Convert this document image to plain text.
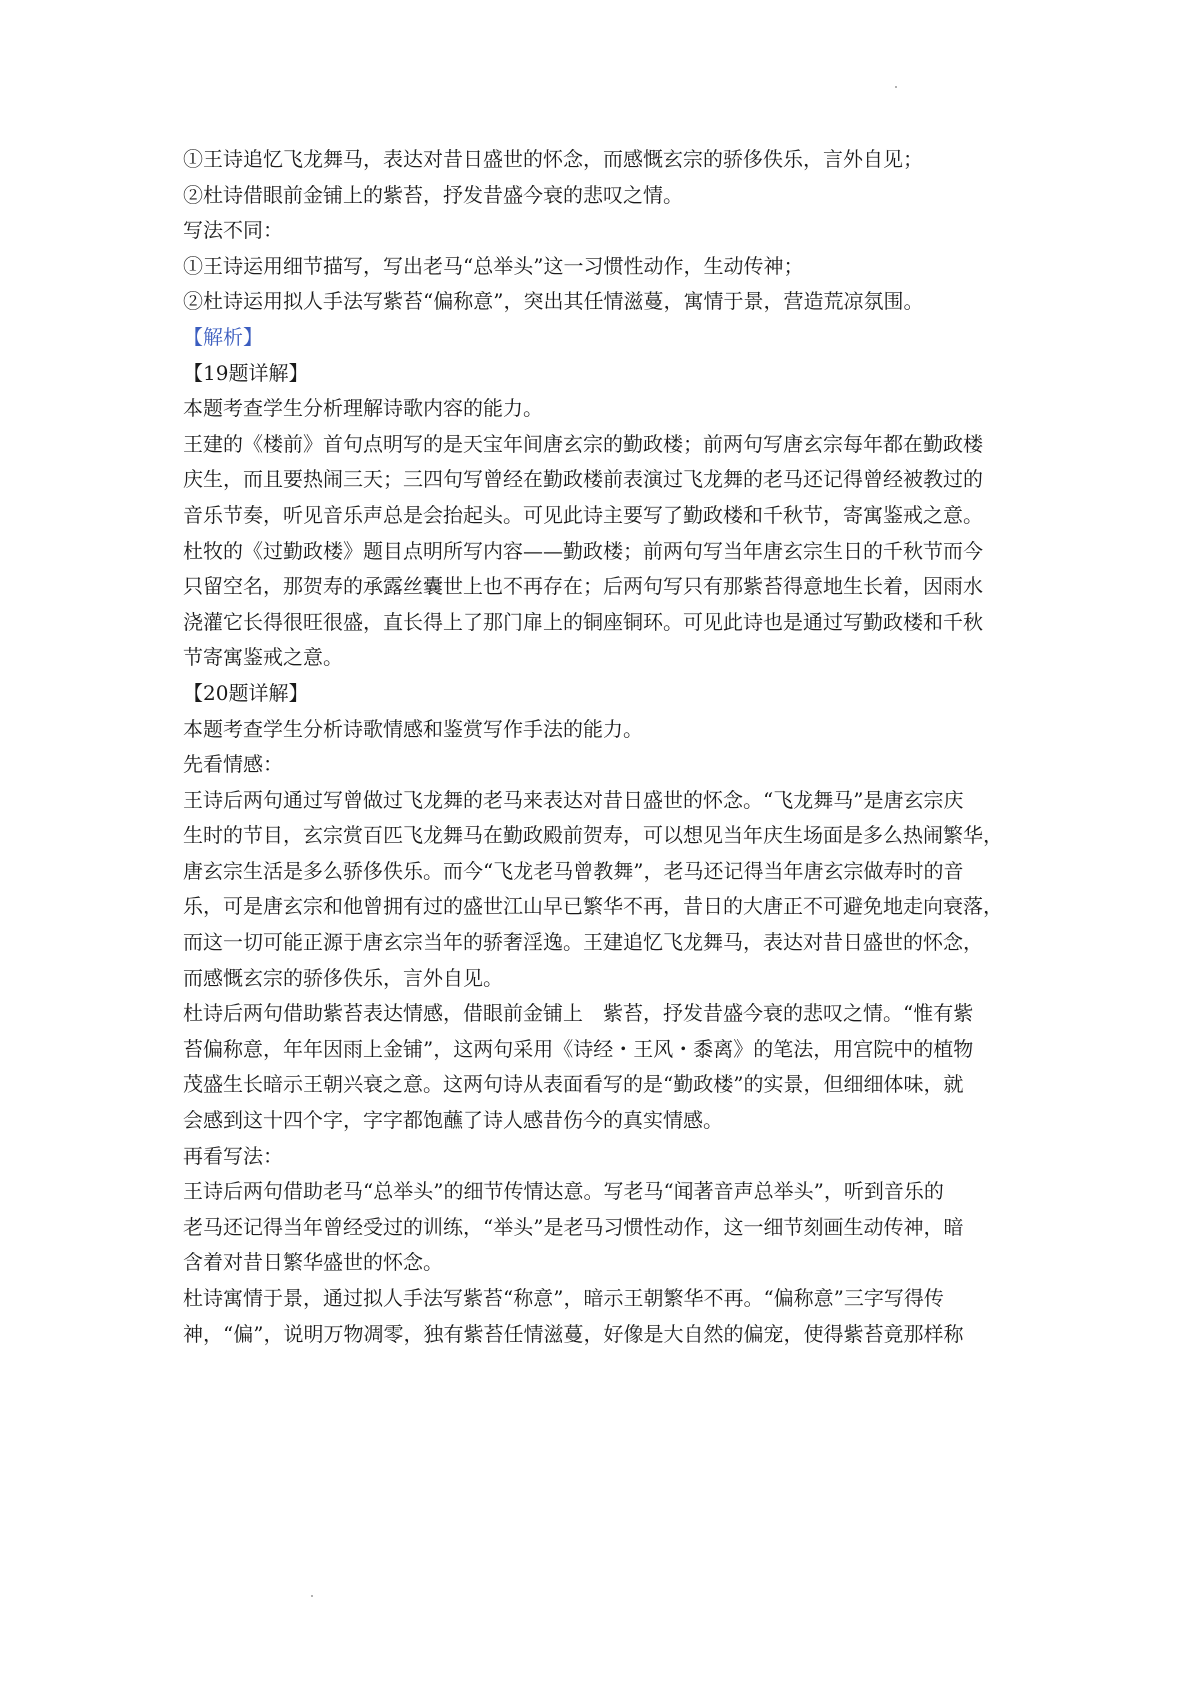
①王诗追忆飞龙舞马，表达对昔日盛世的怀念，而感慨玄宗的骄侈佚乐，言外自见；

②杜诗借眼前金铺上的紫苔，抒发昔盛今衰的悲叹之情。

写法不同：

①王诗运用细节描写，写出老马“总举头”这一习惯性动作，生动传神；

②杜诗运用拟人手法写紫苔“偏称意”，突出其任情滋蔓，寓情于景，营造荒凉氛围。

【解析】

【19题详解】

本题考查学生分析理解诗歌内容的能力。

王建的《楼前》首句点明写的是天宝年间唐玄宗的勤政楼；前两句写唐玄宗每年都在勤政楼

庆生，而且要热闹三天；三四句写曾经在勤政楼前表演过飞龙舞的老马还记得曾经被教过的

音乐节奏，听见音乐声总是会抬起头。可见此诗主要写了勤政楼和千秋节，寄寓鉴戒之意。

杜牧的《过勤政楼》题目点明所写内容——勤政楼；前两句写当年唐玄宗生日的千秋节而今

只留空名，那贺寿的承露丝囊世上也不再存在；后两句写只有那紫苔得意地生长着，因雨水

浇灌它长得很旺很盛，直长得上了那门扉上的铜座铜环。可见此诗也是通过写勤政楼和千秋

节寄寓鉴戒之意。

【20题详解】

本题考查学生分析诗歌情感和鉴赏写作手法的能力。

先看情感：

王诗后两句通过写曾做过飞龙舞的老马来表达对昔日盛世的怀念。“飞龙舞马”是唐玄宗庆

生时的节目，玄宗赏百匹飞龙舞马在勤政殿前贺寿，可以想见当年庆生场面是多么热闹繁华，

唐玄宗生活是多么骄侈佚乐。而今“飞龙老马曾教舞”，老马还记得当年唐玄宗做寿时的音

乐，可是唐玄宗和他曾拥有过的盛世江山早已繁华不再，昔日的大唐正不可避免地走向衰落，

而这一切可能正源于唐玄宗当年的骄奢淫逸。王建追忆飞龙舞马，表达对昔日盛世的怀念，

而感慨玄宗的骄侈佚乐，言外自见。

杜诗后两句借助紫苔表达情感，借眼前金铺上　紫苔，抒发昔盛今衰的悲叹之情。“惟有紫

苔偏称意，年年因雨上金铺”，这两句采用《诗经・王风・黍离》的笔法，用宫院中的植物

茂盛生长暗示王朝兴衰之意。这两句诗从表面看写的是“勤政楼”的实景，但细细体味，就

会感到这十四个字，字字都饱蘸了诗人感昔伤今的真实情感。

再看写法：

王诗后两句借助老马“总举头”的细节传情达意。写老马“闻著音声总举头”，听到音乐的

老马还记得当年曾经受过的训练，“举头”是老马习惯性动作，这一细节刻画生动传神，暗

含着对昔日繁华盛世的怀念。

杜诗寓情于景，通过拟人手法写紫苔“称意”，暗示王朝繁华不再。“偏称意”三字写得传

神，“偏”，说明万物凋零，独有紫苔任情滋蔓，好像是大自然的偏宠，使得紫苔竟那样称
